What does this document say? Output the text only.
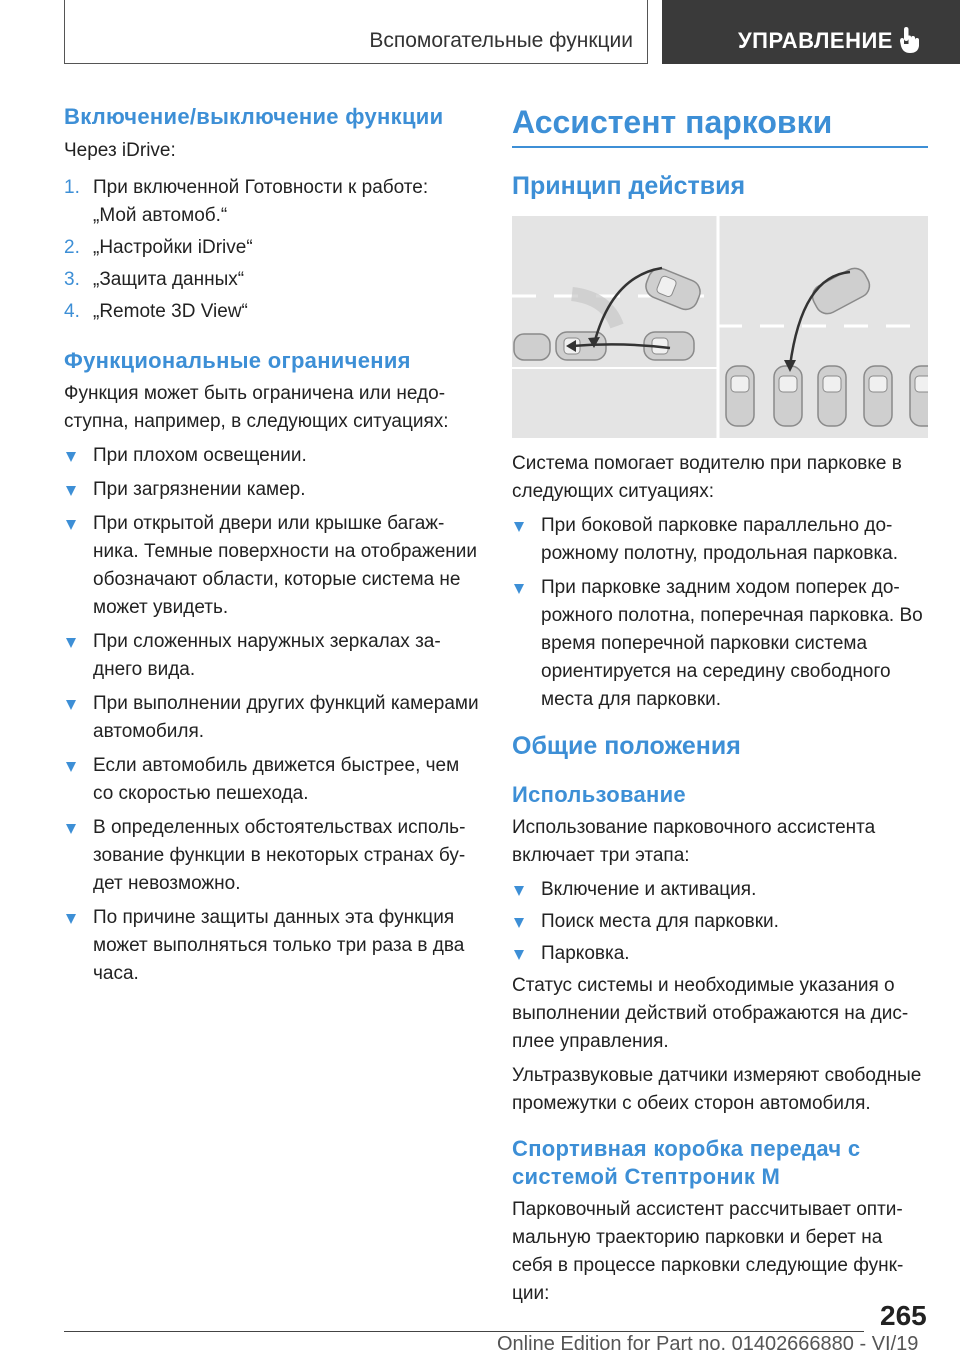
Вспомогательные функции	УПРАВЛЕНИЕ
Включение/выключение функции
Через iDrive:
1. При включенной Готовности к работе:
„Мой автомоб.“
2. „Настройки iDrive“
3. „Защита данных“
4. „Remote 3D View“
Функциональные ограничения
Функция может быть ограничена или недо-
ступна, например, в следующих ситуациях:
При плохом освещении.
При загрязнении камер.
При открытой двери или крышке багаж-
ника. Темные поверхности на отображении
обозначают области, которые система не
может увидеть.
При сложенных наружных зеркалах за-
днего вида.
При выполнении других функций камерами
автомобиля.
Если автомобиль движется быстрее, чем
со скоростью пешехода.
В определенных обстоятельствах исполь-
зование функции в некоторых странах бу-
дет невозможно.
По причине защиты данных эта функция
может выполняться только три раза в два
часа.
Ассистент парковки
Принцип действия
Система помогает водителю при парковке в
следующих ситуациях:
При боковой парковке параллельно до-
рожному полотну, продольная парковка.
При парковке задним ходом поперек до-
рожного полотна, поперечная парковка. Во
время поперечной парковки система
ориентируется на середину свободного
места для парковки.
Общие положения
Использование
Использование парковочного ассистента
включает три этапа:
Включение и активация.
Поиск места для парковки.
Парковка.
Статус системы и необходимые указания о
выполнении действий отображаются на дис-
плее управления.
Ультразвуковые датчики измеряют свободные
промежутки с обеих сторон автомобиля.
Спортивная коробка передач с
системой Стептроник M
Парковочный ассистент рассчитывает опти-
мальную траекторию парковки и берет на
себя в процессе парковки следующие функ-
ции:
265
Online Edition for Part no. 01402666880 - VI/19
